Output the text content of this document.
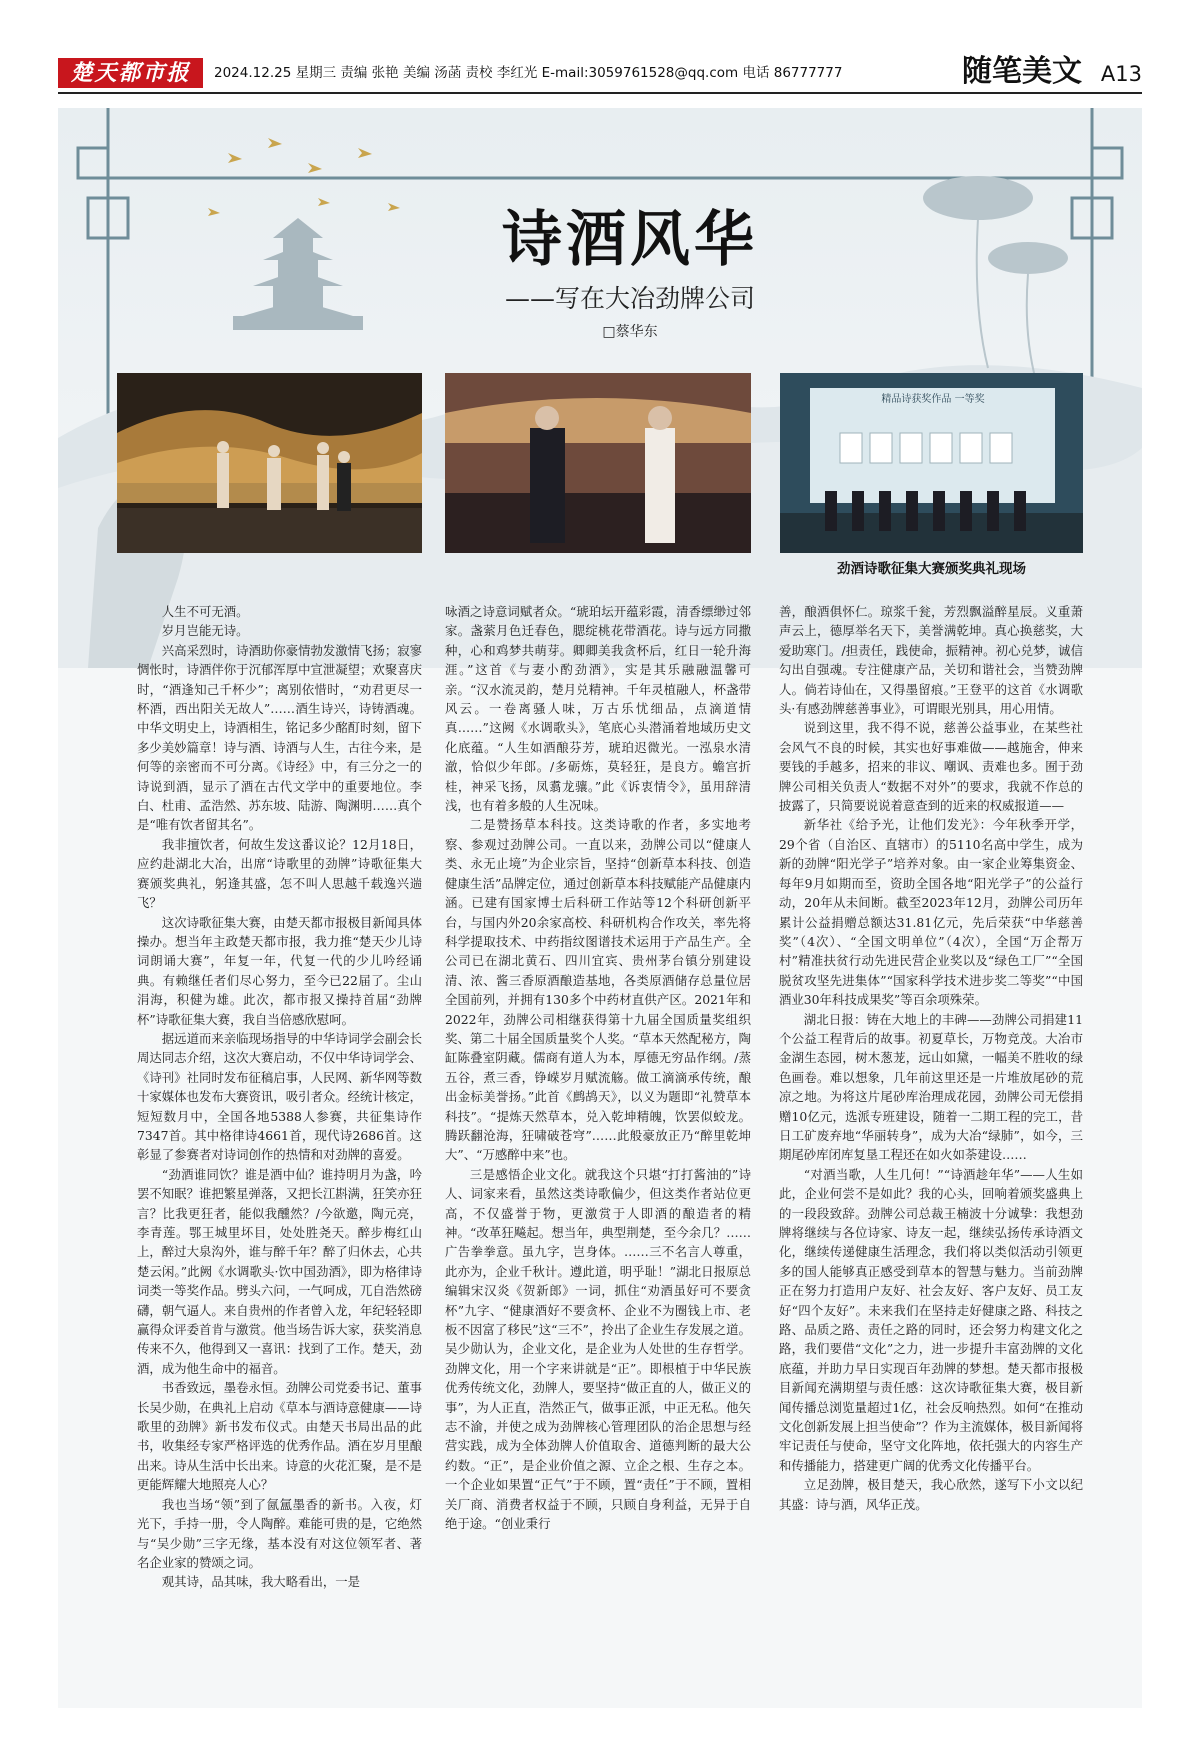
楚天都市报	2024.12.25 星期三 责编 张艳 美编 汤菡 责校 李红光 E-mail:3059761528@qq.com 电话 86777777	随笔美文 A13
诗酒风华
——写在大冶劲牌公司
□蔡华东
精品诗获奖作品 一等奖
劲酒诗歌征集大赛颁奖典礼现场

人生不可无酒。

岁月岂能无诗。

兴高采烈时，诗酒助你豪情勃发激情飞扬；寂寥惆怅时，诗酒伴你于沉郁浑厚中宣泄凝望；欢聚喜庆时，“酒逢知己千杯少”；离别依惜时，“劝君更尽一杯酒，西出阳关无故人”……酒生诗兴，诗铸酒魂。中华文明史上，诗酒相生，铭记多少酩酊时刻，留下多少美妙篇章！诗与酒、诗酒与人生，古往今来，是何等的亲密而不可分离。《诗经》中，有三分之一的诗说到酒，显示了酒在古代文学中的重要地位。李白、杜甫、孟浩然、苏东坡、陆游、陶渊明……真个是“唯有饮者留其名”。

我非擅饮者，何故生发这番议论？12月18日，应约赴湖北大冶，出席“诗歌里的劲牌”诗歌征集大赛颁奖典礼，躬逢其盛，怎不叫人思越千载逸兴遄飞？

这次诗歌征集大赛，由楚天都市报极目新闻具体操办。想当年主政楚天都市报，我力推“楚天少儿诗词朗诵大赛”，年复一年，代复一代的少儿吟经诵典。有赖继任者们尽心努力，至今已22届了。尘山涓海，积健为雄。此次，都市报又操持首届“劲牌杯”诗歌征集大赛，我自当倍感欣慰呵。

据远道而来亲临现场指导的中华诗词学会副会长周达同志介绍，这次大赛启动，不仅中华诗词学会、《诗刊》社同时发布征稿启事，人民网、新华网等数十家媒体也发布大赛资讯，吸引者众。经统计核定，短短数月中，全国各地5388人参赛，共征集诗作7347首。其中格律诗4661首，现代诗2686首。这彰显了参赛者对诗词创作的热情和对劲牌的喜爱。

“劲酒谁同饮？谁是酒中仙？谁持明月为盏，吟罢不知眠？谁把繁星弹落，又把长江斟满，狂笑亦狂言？比我更狂者，能似我醺然？/今欲邀，陶元亮，李青莲。鄂王城里坏目，处处胜尧天。醉步梅红山上，醉过大泉沟外，谁与醉千年？醉了归休去，心共楚云闲。”此阙《水调歌头·饮中国劲酒》，即为格律诗词类一等奖作品。劈头六问，一气呵成，兀自浩然磅礴，朝气逼人。来自贵州的作者曾入龙，年纪轻轻即赢得众评委首肯与激赏。他当场告诉大家，获奖消息传来不久，他得到又一喜讯：找到了工作。楚天，劲酒，成为他生命中的福音。

书香致远，墨卷永恒。劲牌公司党委书记、董事长吴少勋，在典礼上启动《草本与酒诗意健康——诗歌里的劲牌》新书发布仪式。由楚天书局出品的此书，收集经专家严格评选的优秀作品。酒在岁月里酿出来。诗从生活中长出来。诗意的火花汇聚，是不是更能辉耀大地照亮人心？

我也当场“领”到了氤氲墨香的新书。入夜，灯光下，手持一册，令人陶醉。难能可贵的是，它绝然与“吴少勋”三字无缘，基本没有对这位领军者、著名企业家的赞颂之词。

观其诗，品其味，我大略看出，一是

咏酒之诗意词赋者众。“琥珀坛开蕴彩霞，清香缥缈过邻家。盏萦月色迁春色，腮绽桃花带酒花。诗与远方同撒种，心和鸡梦共萌芽。卿卿美我贪杯后，红日一轮升海涯。”这首《与妻小酌劲酒》，实是其乐融融温馨可亲。“汉水流灵韵，楚月兑精神。千年灵植融人，杯盏带风云。一卷离骚人味，万古乐忧细品，点滴道情真……”这阙《水调歌头》，笔底心头潜涌着地域历史文化底蕴。“人生如酒酿芬芳，琥珀迟微光。一泓泉水清澈，恰似少年郎。/多砺炼，莫轻狂，是良方。蟾宫折桂，神采飞扬，凤翥龙骧。”此《诉衷情令》，虽用辞清浅，也有着多般的人生况味。

二是赞扬草本科技。这类诗歌的作者，多实地考察、参观过劲牌公司。一直以来，劲牌公司以“健康人类、永无止境”为企业宗旨，坚持“创新草本科技、创造健康生活”品牌定位，通过创新草本科技赋能产品健康内涵。已建有国家博士后科研工作站等12个科研创新平台，与国内外20余家高校、科研机构合作攻关，率先将科学提取技术、中药指纹图谱技术运用于产品生产。全公司已在湖北黄石、四川宜宾、贵州茅台镇分别建设清、浓、酱三香原酒酿造基地，各类原酒储存总量位居全国前列，并拥有130多个中药材直供产区。2021年和2022年，劲牌公司相继获得第十九届全国质量奖组织奖、第二十届全国质量奖个人奖。“草本天然配秘方，陶缸陈叠室阴藏。儒商有道人为本，厚德无穷品作纲。/蒸五谷，煮三香，铮嵘岁月赋流觞。做工滴滴承传统，酿出金标美誉扬。”此首《鹧鸪天》，以义为题即“礼赞草本科技”。“提炼天然草本，兑入乾坤精魄，饮罢似蛟龙。腾跃翻沧海，狂啸破苍穹”……此般豪放正乃“醉里乾坤大”、“万感醉中来”也。

三是感悟企业文化。就我这个只堪“打打酱油的”诗人、词家来看，虽然这类诗歌偏少，但这类作者站位更高，不仅盛誉于物，更激赏于人即酒的酿造者的精神。“改革狂飚起。想当年，典型荆楚，至今余几？……广告拳拳意。虽九字，岂身体。……三不名言人尊重，此亦为，企业千秋计。遵此道，明乎耻！”湖北日报原总编辑宋汉炎《贺新郎》一词，抓住“劝酒虽好可不要贪杯”九字、“健康酒好不要贪杯、企业不为圈钱上市、老板不因富了移民”这“三不”，拎出了企业生存发展之道。吴少勋认为，企业文化，是企业为人处世的生存哲学。劲牌文化，用一个字来讲就是“正”。即根植于中华民族优秀传统文化，劲牌人，要坚持“做正直的人，做正义的事”，为人正直，浩然正气，做事正派，中正无私。他矢志不渝，并使之成为劲牌核心管理团队的治企思想与经营实践，成为全体劲牌人价值取舍、道德判断的最大公约数。“正”，是企业价值之源、立企之根、生存之本。一个企业如果置“正气”于不顾，置“责任”于不顾，置相关厂商、消费者权益于不顾，只顾自身利益，无异于自绝于途。“创业秉行

善，酿酒俱怀仁。琼浆千瓮，芳烈飘溢醉星辰。义重萧声云上，德厚举名天下，美誉满乾坤。真心换慈奖，大爱助寒门。/担责任，践使命，振精神。初心兑梦，诚信勾出自强魂。专注健康产品，关切和谐社会，当赞劲牌人。倘若诗仙在，又得墨留痕。”王登平的这首《水调歌头·有感劲牌慈善事业》，可谓眼光别具，用心用情。

说到这里，我不得不说，慈善公益事业，在某些社会风气不良的时候，其实也好事难做——越施舍，伸来要钱的手越多，招来的非议、嘲讽、责难也多。囿于劲牌公司相关负责人“数据不对外”的要求，我就不作总的披露了，只简要说说着意查到的近来的权威报道——

新华社《给予光，让他们发光》：今年秋季开学，29个省（自治区、直辖市）的5110名高中学生，成为新的劲牌“阳光学子”培养对象。由一家企业筹集资金、每年9月如期而至，资助全国各地“阳光学子”的公益行动，20年从未间断。截至2023年12月，劲牌公司历年累计公益捐赠总额达31.81亿元，先后荣获“中华慈善奖”（4次）、“全国文明单位”（4次），全国“万企帮万村”精准扶贫行动先进民营企业奖以及“绿色工厂”“全国脱贫攻坚先进集体”“国家科学技术进步奖二等奖”“中国酒业30年科技成果奖”等百余项殊荣。

湖北日报：铸在大地上的丰碑——劲牌公司捐建11个公益工程背后的故事。初夏草长，万物竞茂。大冶市金湖生态园，树木葱茏，远山如黛，一幅美不胜收的绿色画卷。难以想象，几年前这里还是一片堆放尾砂的荒凉之地。为将这片尾砂库治理成花园，劲牌公司无偿捐赠10亿元，选派专班建设，随着一二期工程的完工，昔日工矿废弃地“华丽转身”，成为大冶“绿肺”，如今，三期尾砂库闭库复垦工程还在如火如荼建设……

“对酒当歌，人生几何！”“诗酒趁年华”——人生如此，企业何尝不是如此？我的心头，回响着颁奖盛典上的一段段致辞。劲牌公司总裁王楠波十分诚挚：我想劲牌将继续与各位诗家、诗友一起，继续弘扬传承诗酒文化，继续传递健康生活理念，我们将以类似活动引领更多的国人能够真正感受到草本的智慧与魅力。当前劲牌正在努力打造用户友好、社会友好、客户友好、员工友好“四个友好”。未来我们在坚持走好健康之路、科技之路、品质之路、责任之路的同时，还会努力构建文化之路，我们要借“文化”之力，进一步提升丰富劲牌的文化底蕴，并助力早日实现百年劲牌的梦想。楚天都市报极目新闻充满期望与责任感：这次诗歌征集大赛，极目新闻传播总浏览量超过1亿，社会反响热烈。如何“在推动文化创新发展上担当使命”？作为主流媒体，极目新闻将牢记责任与使命，坚守文化阵地，依托强大的内容生产和传播能力，搭建更广阔的优秀文化传播平台。

立足劲牌，极目楚天，我心欣然，遂写下小文以纪其盛：诗与酒，风华正茂。
